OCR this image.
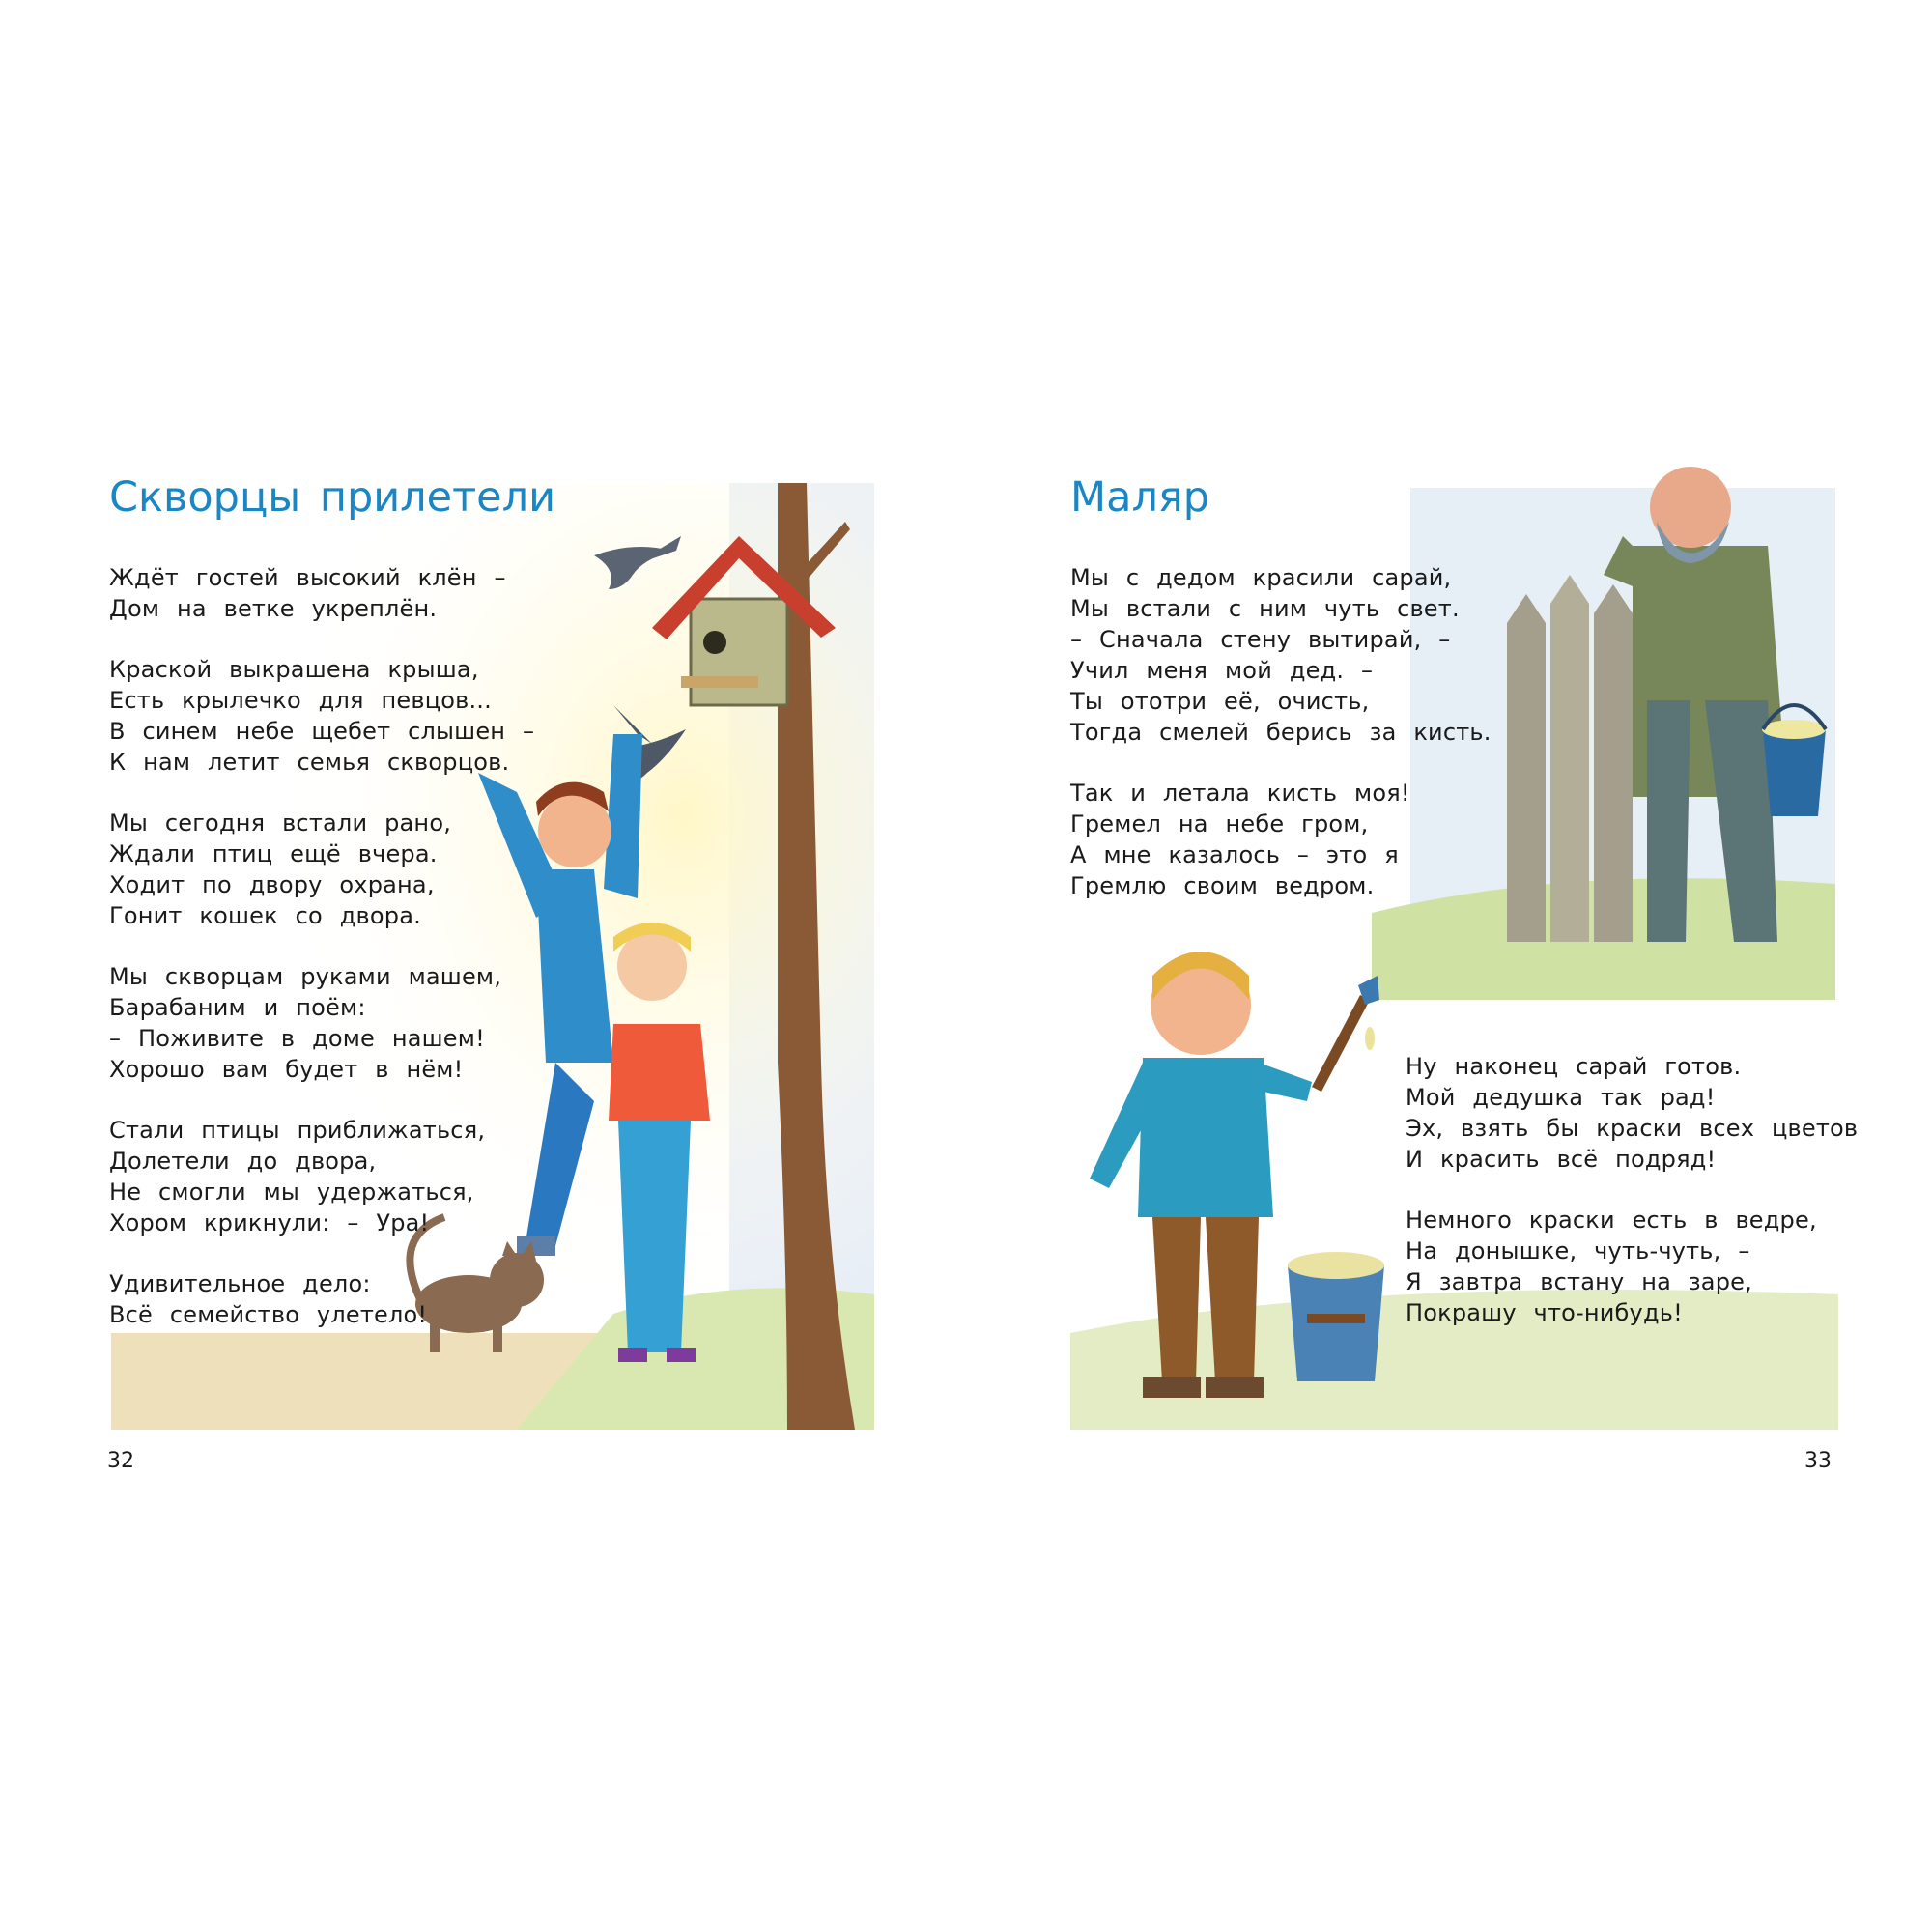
Скворцы прилетели
Ждёт гостей высокий клён –
Дом на ветке укреплён.
Краской выкрашена крыша,
Есть крылечко для певцов...
В синем небе щебет слышен –
К нам летит семья скворцов.
Мы сегодня встали рано,
Ждали птиц ещё вчера.
Ходит по двору охрана,
Гонит кошек со двора.
Мы скворцам руками машем,
Барабаним и поём:
– Поживите в доме нашем!
Хорошо вам будет в нём!
Стали птицы приближаться,
Долетели до двора,
Не смогли мы удержаться,
Хором крикнули: – Ура!
Удивительное дело:
Всё семейство улетело!
32
Маляр
Мы с дедом красили сарай,
Мы встали с ним чуть свет.
– Сначала стену вытирай, –
Учил меня мой дед. –
Ты ототри её, очисть,
Тогда смелей берись за кисть.
Так и летала кисть моя!
Гремел на небе гром,
А мне казалось – это я
Гремлю своим ведром.
Ну наконец сарай готов.
Мой дедушка так рад!
Эх, взять бы краски всех цветов
И красить всё подряд!
Немного краски есть в ведре,
На донышке, чуть-чуть, –
Я завтра встану на заре,
Покрашу что-нибудь!
33
